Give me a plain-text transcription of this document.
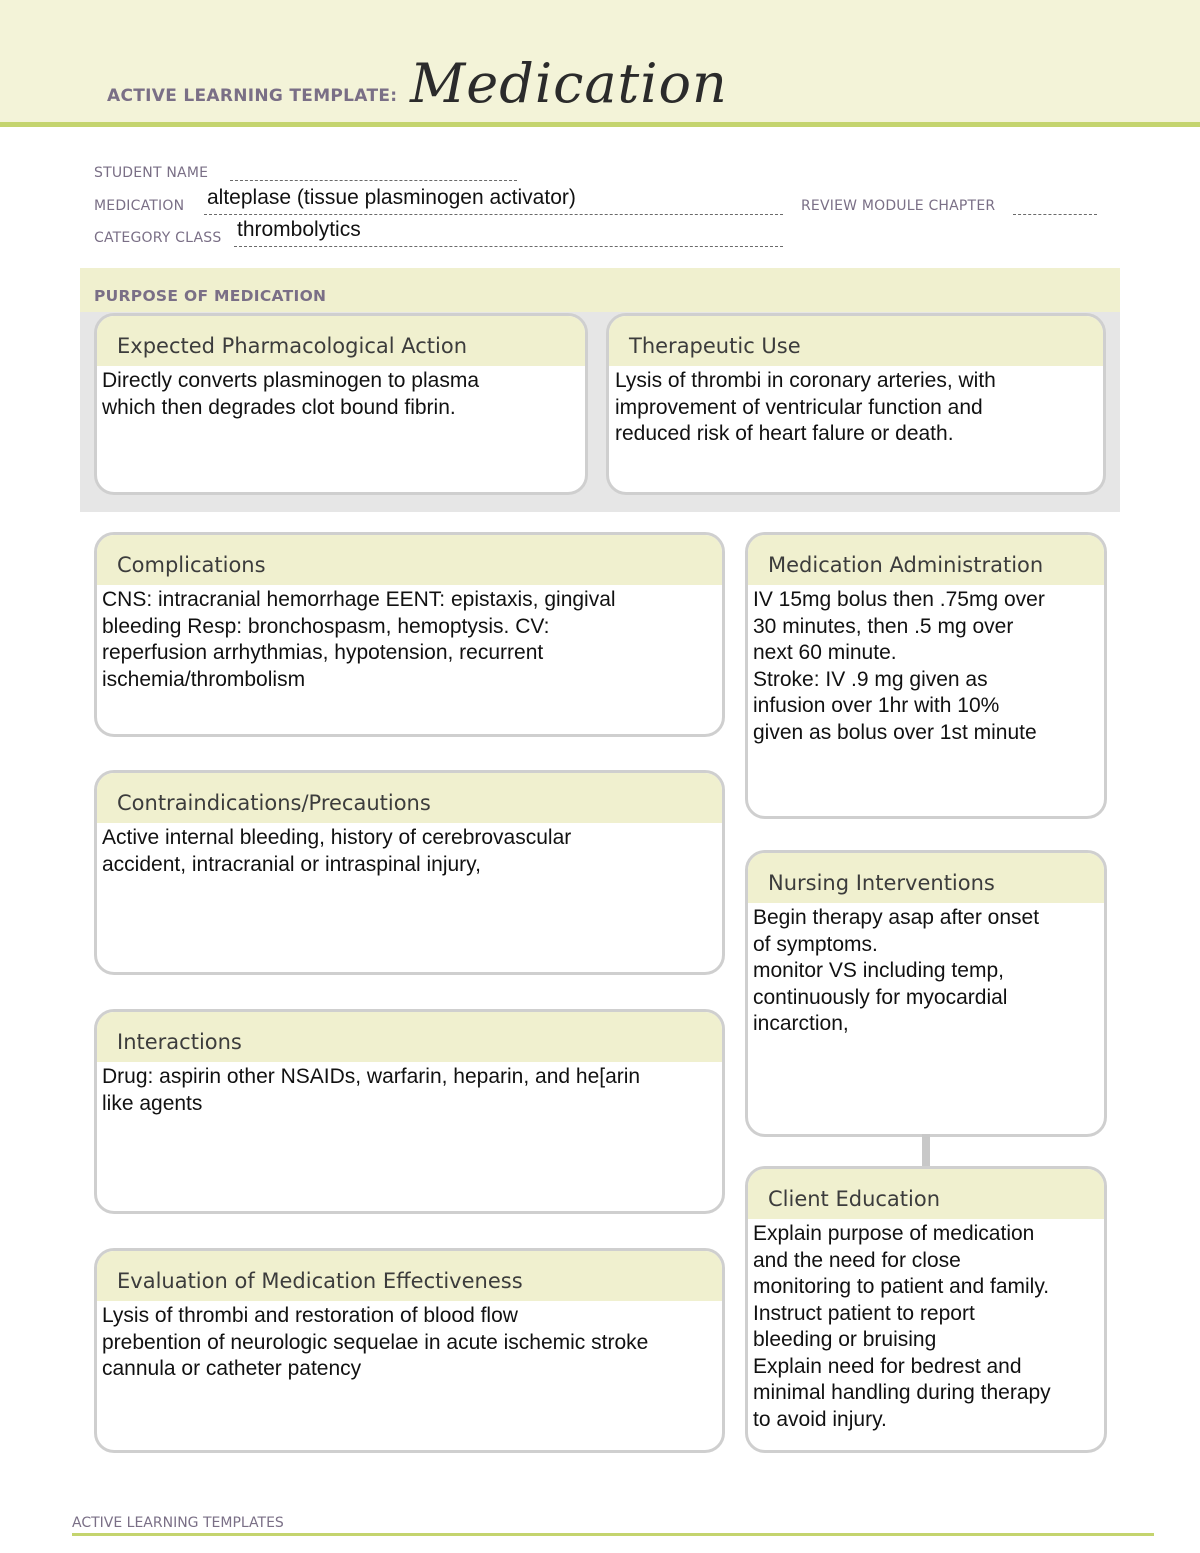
ACTIVE LEARNING TEMPLATE: Medication
STUDENT NAME
MEDICATION alteplase (tissue plasminogen activator)	REVIEW MODULE CHAPTER
CATEGORY CLASS thrombolytics
PURPOSE OF MEDICATION
Expected Pharmacological Action
Directly converts plasminogen to plasma
which then degrades clot bound fibrin.
Therapeutic Use
Lysis of thrombi in coronary arteries, with
improvement of ventricular function and
reduced risk of heart falure or death.
Complications
CNS: intracranial hemorrhage EENT: epistaxis, gingival
bleeding Resp: bronchospasm, hemoptysis. CV:
reperfusion arrhythmias, hypotension, recurrent
ischemia/thrombolism
Contraindications/Precautions
Active internal bleeding, history of cerebrovascular
accident, intracranial or intraspinal injury,
Interactions
Drug: aspirin other NSAIDs, warfarin, heparin, and he[arin
like agents
Evaluation of Medication Effectiveness
Lysis of thrombi and restoration of blood flow
prebention of neurologic sequelae in acute ischemic stroke
cannula or catheter patency
Medication Administration
IV 15mg bolus then .75mg over
30 minutes, then .5 mg over
next 60 minute.
Stroke: IV .9 mg given as
infusion over 1hr with 10%
given as bolus over 1st minute
Nursing Interventions
Begin therapy asap after onset
of symptoms.
monitor VS including temp,
continuously for myocardial
incarction,
Client Education
Explain purpose of medication
and the need for close
monitoring to patient and family.
Instruct patient to report
bleeding or bruising
Explain need for bedrest and
minimal handling during therapy
to avoid injury.
ACTIVE LEARNING TEMPLATES
